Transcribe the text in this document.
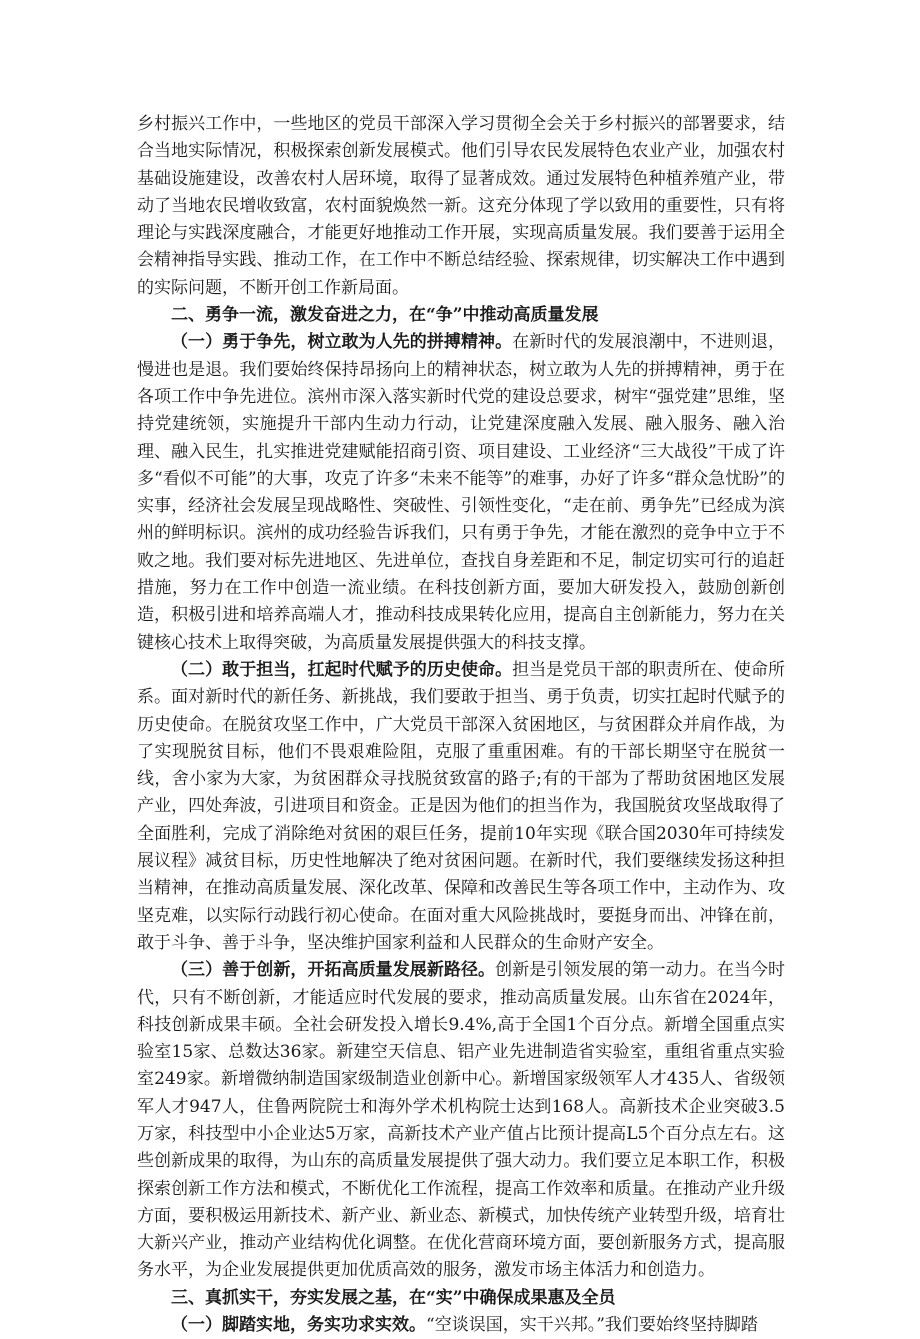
乡村振兴工作中，一些地区的党员干部深入学习贯彻全会关于乡村振兴的部署要求，结合当地实际情况，积极探索创新发展模式。他们引导农民发展特色农业产业，加强农村基础设施建设，改善农村人居环境，取得了显著成效。通过发展特色种植养殖产业，带动了当地农民增收致富，农村面貌焕然一新。这充分体现了学以致用的重要性，只有将理论与实践深度融合，才能更好地推动工作开展，实现高质量发展。我们要善于运用全会精神指导实践、推动工作，在工作中不断总结经验、探索规律，切实解决工作中遇到的实际问题，不断开创工作新局面。

二、勇争一流，激发奋进之力，在“争”中推动高质量发展

（一）勇于争先，树立敢为人先的拼搏精神。在新时代的发展浪潮中，不进则退，慢进也是退。我们要始终保持昂扬向上的精神状态，树立敢为人先的拼搏精神，勇于在各项工作中争先进位。滨州市深入落实新时代党的建设总要求，树牢“强党建”思维，坚持党建统领，实施提升干部内生动力行动，让党建深度融入发展、融入服务、融入治理、融入民生，扎实推进党建赋能招商引资、项目建设、工业经济“三大战役”干成了许多“看似不可能”的大事，攻克了许多“未来不能等”的难事，办好了许多“群众急忧盼”的实事，经济社会发展呈现战略性、突破性、引领性变化，“走在前、勇争先”已经成为滨州的鲜明标识。滨州的成功经验告诉我们，只有勇于争先，才能在激烈的竞争中立于不败之地。我们要对标先进地区、先进单位，查找自身差距和不足，制定切实可行的追赶措施，努力在工作中创造一流业绩。在科技创新方面，要加大研发投入，鼓励创新创造，积极引进和培养高端人才，推动科技成果转化应用，提高自主创新能力，努力在关键核心技术上取得突破，为高质量发展提供强大的科技支撑。

（二）敢于担当，扛起时代赋予的历史使命。担当是党员干部的职责所在、使命所系。面对新时代的新任务、新挑战，我们要敢于担当、勇于负责，切实扛起时代赋予的历史使命。在脱贫攻坚工作中，广大党员干部深入贫困地区，与贫困群众并肩作战，为了实现脱贫目标，他们不畏艰难险阻，克服了重重困难。有的干部长期坚守在脱贫一线，舍小家为大家，为贫困群众寻找脱贫致富的路子;有的干部为了帮助贫困地区发展产业，四处奔波，引进项目和资金。正是因为他们的担当作为，我国脱贫攻坚战取得了全面胜利，完成了消除绝对贫困的艰巨任务，提前10年实现《联合国2030年可持续发展议程》减贫目标，历史性地解决了绝对贫困问题。在新时代，我们要继续发扬这种担当精神，在推动高质量发展、深化改革、保障和改善民生等各项工作中，主动作为、攻坚克难，以实际行动践行初心使命。在面对重大风险挑战时，要挺身而出、冲锋在前，敢于斗争、善于斗争，坚决维护国家利益和人民群众的生命财产安全。

（三）善于创新，开拓高质量发展新路径。创新是引领发展的第一动力。在当今时代，只有不断创新，才能适应时代发展的要求，推动高质量发展。山东省在2024年，科技创新成果丰硕。全社会研发投入增长9.4%,高于全国1个百分点。新增全国重点实验室15家、总数达36家。新建空天信息、铝产业先进制造省实验室，重组省重点实验室249家。新增微纳制造国家级制造业创新中心。新增国家级领军人才435人、省级领军人才947人，住鲁两院院士和海外学术机构院士达到168人。高新技术企业突破3.5万家，科技型中小企业达5万家，高新技术产业产值占比预计提高L5个百分点左右。这些创新成果的取得，为山东的高质量发展提供了强大动力。我们要立足本职工作，积极探索创新工作方法和模式，不断优化工作流程，提高工作效率和质量。在推动产业升级方面，要积极运用新技术、新产业、新业态、新模式，加快传统产业转型升级，培育壮大新兴产业，推动产业结构优化调整。在优化营商环境方面，要创新服务方式，提高服务水平，为企业发展提供更加优质高效的服务，激发市场主体活力和创造力。

三、真抓实干，夯实发展之基，在“实”中确保成果惠及全员

（一）脚踏实地，务实功求实效。“空谈误国，实干兴邦。”我们要始终坚持脚踏
